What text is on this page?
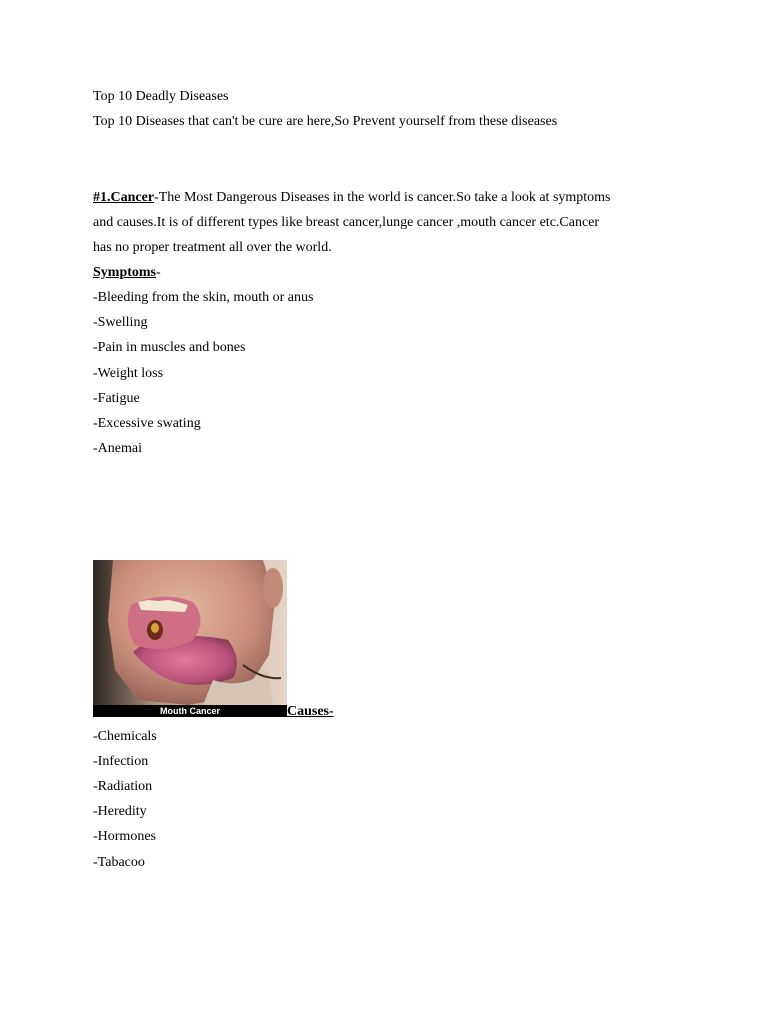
Top 10 Deadly Diseases
Top 10 Diseases that can't be cure are here,So Prevent yourself from these diseases
#1.Cancer-The Most Dangerous Diseases in the world is cancer.So take a look at symptoms
and causes.It is of different types like breast cancer,lunge cancer ,mouth cancer etc.Cancer
has no proper treatment all over the world.
Symptoms-
-Bleeding from the skin, mouth or anus
-Swelling
-Pain in muscles and bones
-Weight loss
-Fatigue
-Excessive swating
-Anemai
Mouth Cancer	Causes-
-Chemicals
-Infection
-Radiation
-Heredity
-Hormones
-Tabacoo
